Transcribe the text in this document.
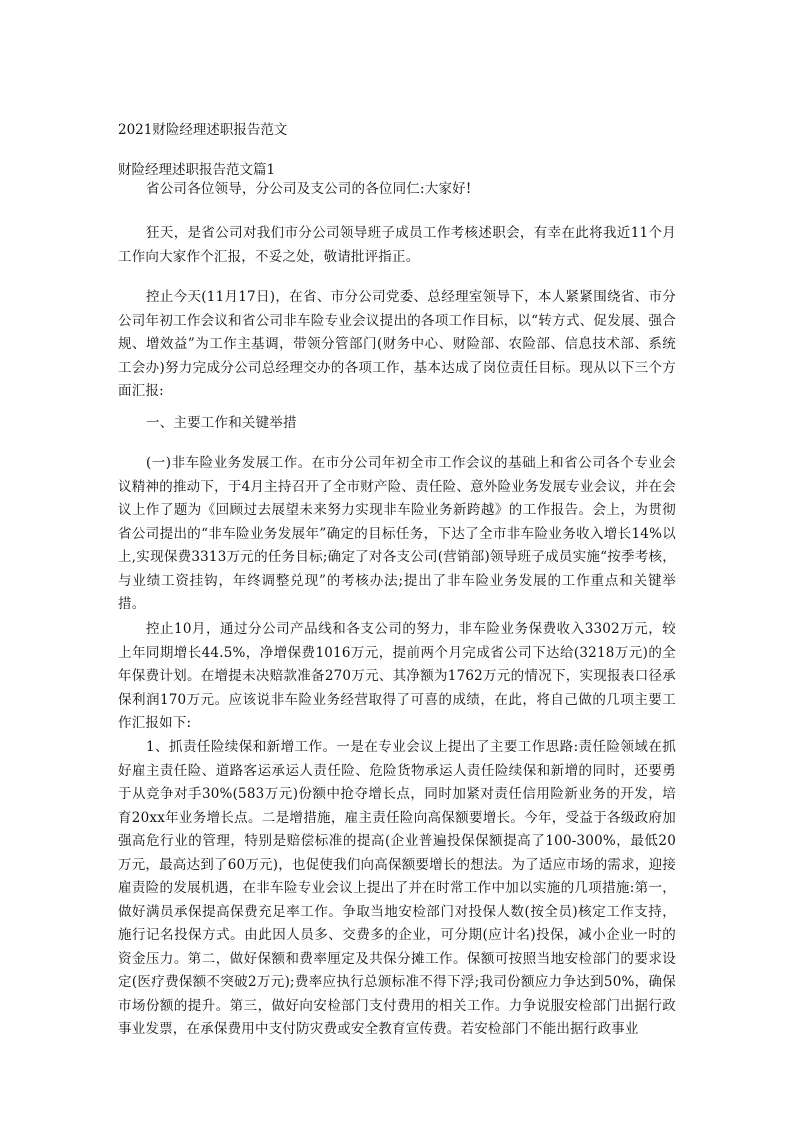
2021财险经理述职报告范文
财险经理述职报告范文篇1

省公司各位领导，分公司及支公司的各位同仁:大家好!

狂天，是省公司对我们市分公司领导班子成员工作考核述职会，有幸在此将我近11个月工作向大家作个汇报，不妥之处，敬请批评指正。

控止今天(11月17日)，在省、市分公司党委、总经理室领导下，本人紧紧围绕省、市分公司年初工作会议和省公司非车险专业会议提出的各项工作目标，以“转方式、促发展、强合规、增效益”为工作主基调，带领分管部门(财务中心、财险部、农险部、信息技术部、系统工会办)努力完成分公司总经理交办的各项工作，基本达成了岗位责任目标。现从以下三个方面汇报:

一、主要工作和关键举措

(一)非车险业务发展工作。在市分公司年初全市工作会议的基础上和省公司各个专业会议精神的推动下，于4月主持召开了全市财产险、责任险、意外险业务发展专业会议，并在会议上作了题为《回顾过去展望未来努力实现非车险业务新跨越》的工作报告。会上，为贯彻省公司提出的“非车险业务发展年”确定的目标任务，下达了全市非车险业务收入增长14%以上,实现保费3313万元的任务目标;确定了对各支公司(营销部)领导班子成员实施“按季考核，与业绩工资挂钩，年终调整兑现”的考核办法;提出了非车险业务发展的工作重点和关键举措。

控止10月，通过分公司产品线和各支公司的努力，非车险业务保费收入3302万元，较上年同期增长44.5%，净增保费1016万元，提前两个月完成省公司下达给(3218万元)的全年保费计划。在增提未决赔款准备270万元、其净额为1762万元的情况下，实现报表口径承保利润170万元。应该说非车险业务经营取得了可喜的成绩，在此，将自己做的几项主要工作汇报如下:

1、抓责任险续保和新增工作。一是在专业会议上提出了主要工作思路:责任险领域在抓好雇主责任险、道路客运承运人责任险、危险货物承运人责任险续保和新增的同时，还要勇于从竞争对手30%(583万元)份额中抢夺增长点，同时加紧对责任信用险新业务的开发，培育20xx年业务增长点。二是增措施，雇主责任险向高保额要增长。今年，受益于各级政府加强高危行业的管理，特别是赔偿标准的提高(企业普遍投保保额提高了100-300%，最低20万元，最高达到了60万元)，也促使我们向高保额要增长的想法。为了适应市场的需求，迎接雇责险的发展机遇，在非车险专业会议上提出了并在时常工作中加以实施的几项措施:第一，做好满员承保提高保费充足率工作。争取当地安检部门对投保人数(按全员)核定工作支持，施行记名投保方式。由此因人员多、交费多的企业，可分期(应计名)投保，减小企业一时的资金压力。第二，做好保额和费率厘定及共保分摊工作。保额可按照当地安检部门的要求设定(医疗费保额不突破2万元);费率应执行总颁标准不得下浮;我司份额应力争达到50%，确保市场份额的提升。第三，做好向安检部门支付费用的相关工作。力争说服安检部门出据行政事业发票，在承保费用中支付防灾费或安全教育宣传费。若安检部门不能出据行政事业
